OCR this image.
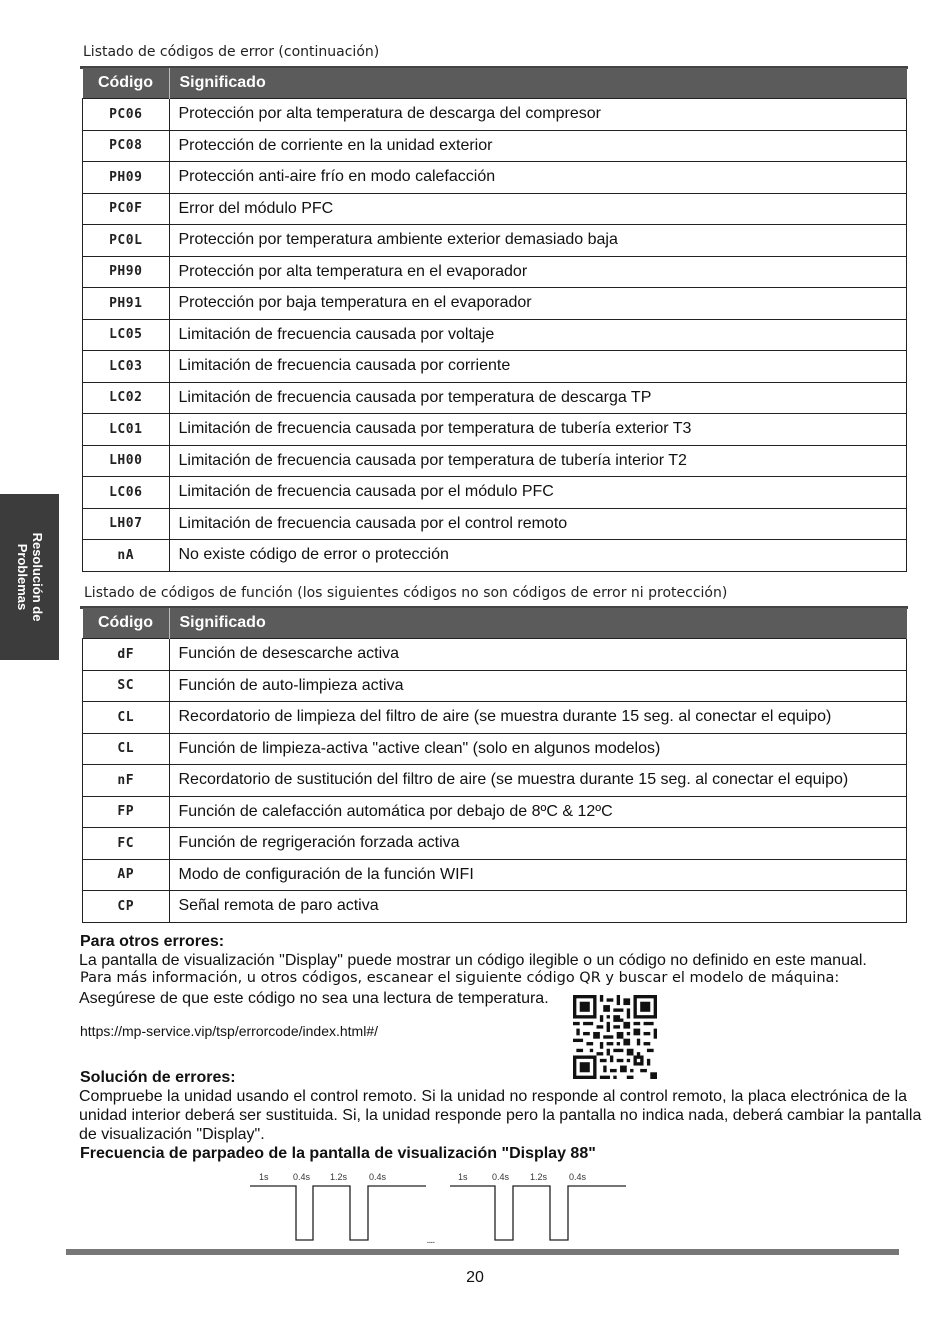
Listado de códigos de error (continuación)
Código	Significado
PC06	Protección por alta temperatura de descarga del compresor
PC08	Protección de corriente en la unidad exterior
PH09	Protección anti-aire frío en modo calefacción
PC0F	Error del módulo PFC
PC0L	Protección por temperatura ambiente exterior demasiado baja
PH90	Protección por alta temperatura en el evaporador
PH91	Protección por baja temperatura en el evaporador
LC05	Limitación de frecuencia causada por voltaje
LC03	Limitación de frecuencia causada por corriente
LC02	Limitación de frecuencia causada por temperatura de descarga TP
LC01	Limitación de frecuencia causada por temperatura de tubería exterior T3
LH00	Limitación de frecuencia causada por temperatura de tubería interior T2
LC06	Limitación de frecuencia causada por el módulo PFC
LH07	Limitación de frecuencia causada por el control remoto
nA	No existe código de error o protección
Listado de códigos de función (los siguientes códigos no son códigos de error ni protección)
Código	Significado
dF	Función de desescarche activa
SC	Función de auto-limpieza activa
CL	Recordatorio de limpieza del filtro de aire (se muestra durante 15 seg. al conectar el equipo)
CL	Función de limpieza-activa "active clean" (solo en algunos modelos)
nF	Recordatorio de sustitución del filtro de aire (se muestra durante 15 seg. al conectar el equipo)
FP	Función de calefacción automática por debajo de 8ºC & 12ºC
FC	Función de regrigeración forzada activa
AP	Modo de configuración de la función WIFI
CP	Señal remota de paro activa
Resolución de
Problemas
Para otros errores:
La pantalla de visualización "Display" puede mostrar un código ilegible o un código no definido en este manual.
Para más información, u otros códigos, escanear el siguiente código QR y buscar el modelo de máquina:
Asegúrese de que este código no sea una lectura de temperatura.
https://mp-service.vip/tsp/errorcode/index.html#/
Solución de errores:
Compruebe la unidad usando el control remoto. Si la unidad no responde al control remoto, la placa electrónica de la unidad interior deberá ser sustituida. Si, la unidad responde pero la pantalla no indica nada, deberá cambiar la pantalla de visualización "Display".
Frecuencia de parpadeo de la pantalla de visualización "Display 88"
1s	0.4s 1.2s 0.4s	1s	0.4s 1.2s 0.4s
....
20
